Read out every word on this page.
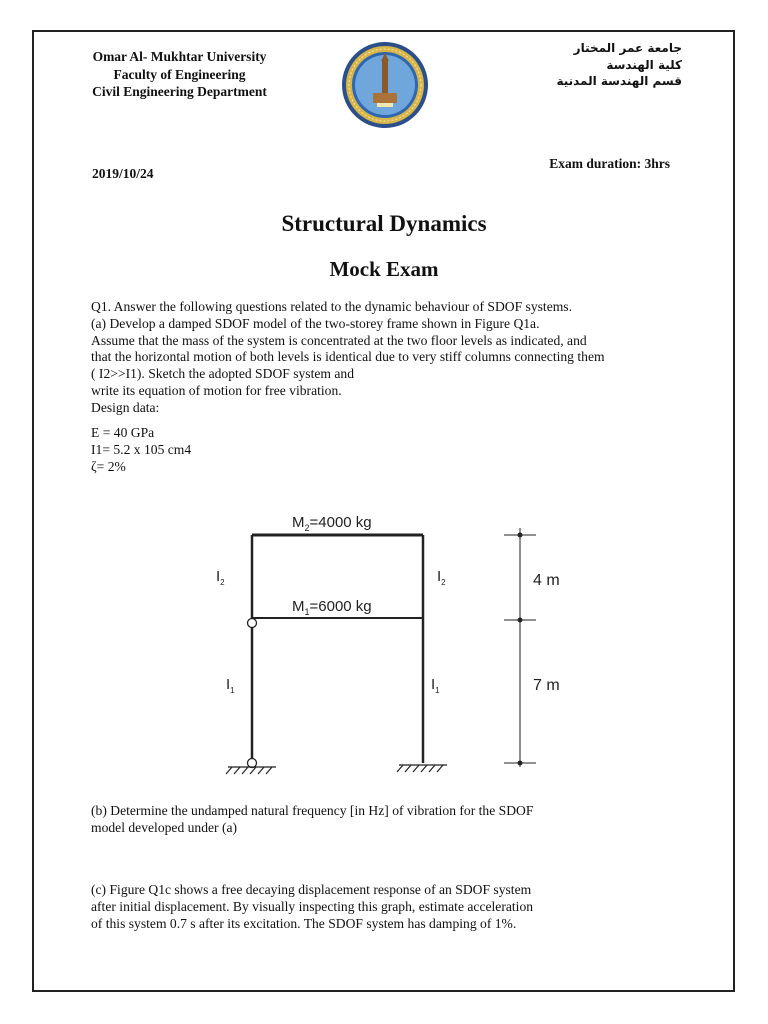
Omar Al- Mukhtar University
Faculty of Engineering
Civil Engineering Department
جامعة عمر المختار
كلية الهندسة
قسم الهندسة المدنية
2019/10/24
Exam duration: 3hrs
Structural Dynamics
Mock Exam
Q1. Answer the following questions related to the dynamic behaviour of SDOF systems.
(a) Develop a damped SDOF model of the two-storey frame shown in Figure Q1a.
Assume that the mass of the system is concentrated at the two floor levels as indicated, and
that the horizontal motion of both levels is identical due to very stiff columns connecting them
( I2>>I1). Sketch the adopted SDOF system and
write its equation of motion for free vibration.
Design data:
E = 40 GPa
I1= 5.2 x 105 cm4
ζ= 2%
$M_2=4000$ kg
$M_1=6000$ kg
$I_2$	$I_2$
$I_1$	$I_1$
4 m
7 m
(b) Determine the undamped natural frequency [in Hz] of vibration for the SDOF
model developed under (a)
(c) Figure Q1c shows a free decaying displacement response of an SDOF system
after initial displacement. By visually inspecting this graph, estimate acceleration
of this system 0.7 s after its excitation. The SDOF system has damping of 1%.
